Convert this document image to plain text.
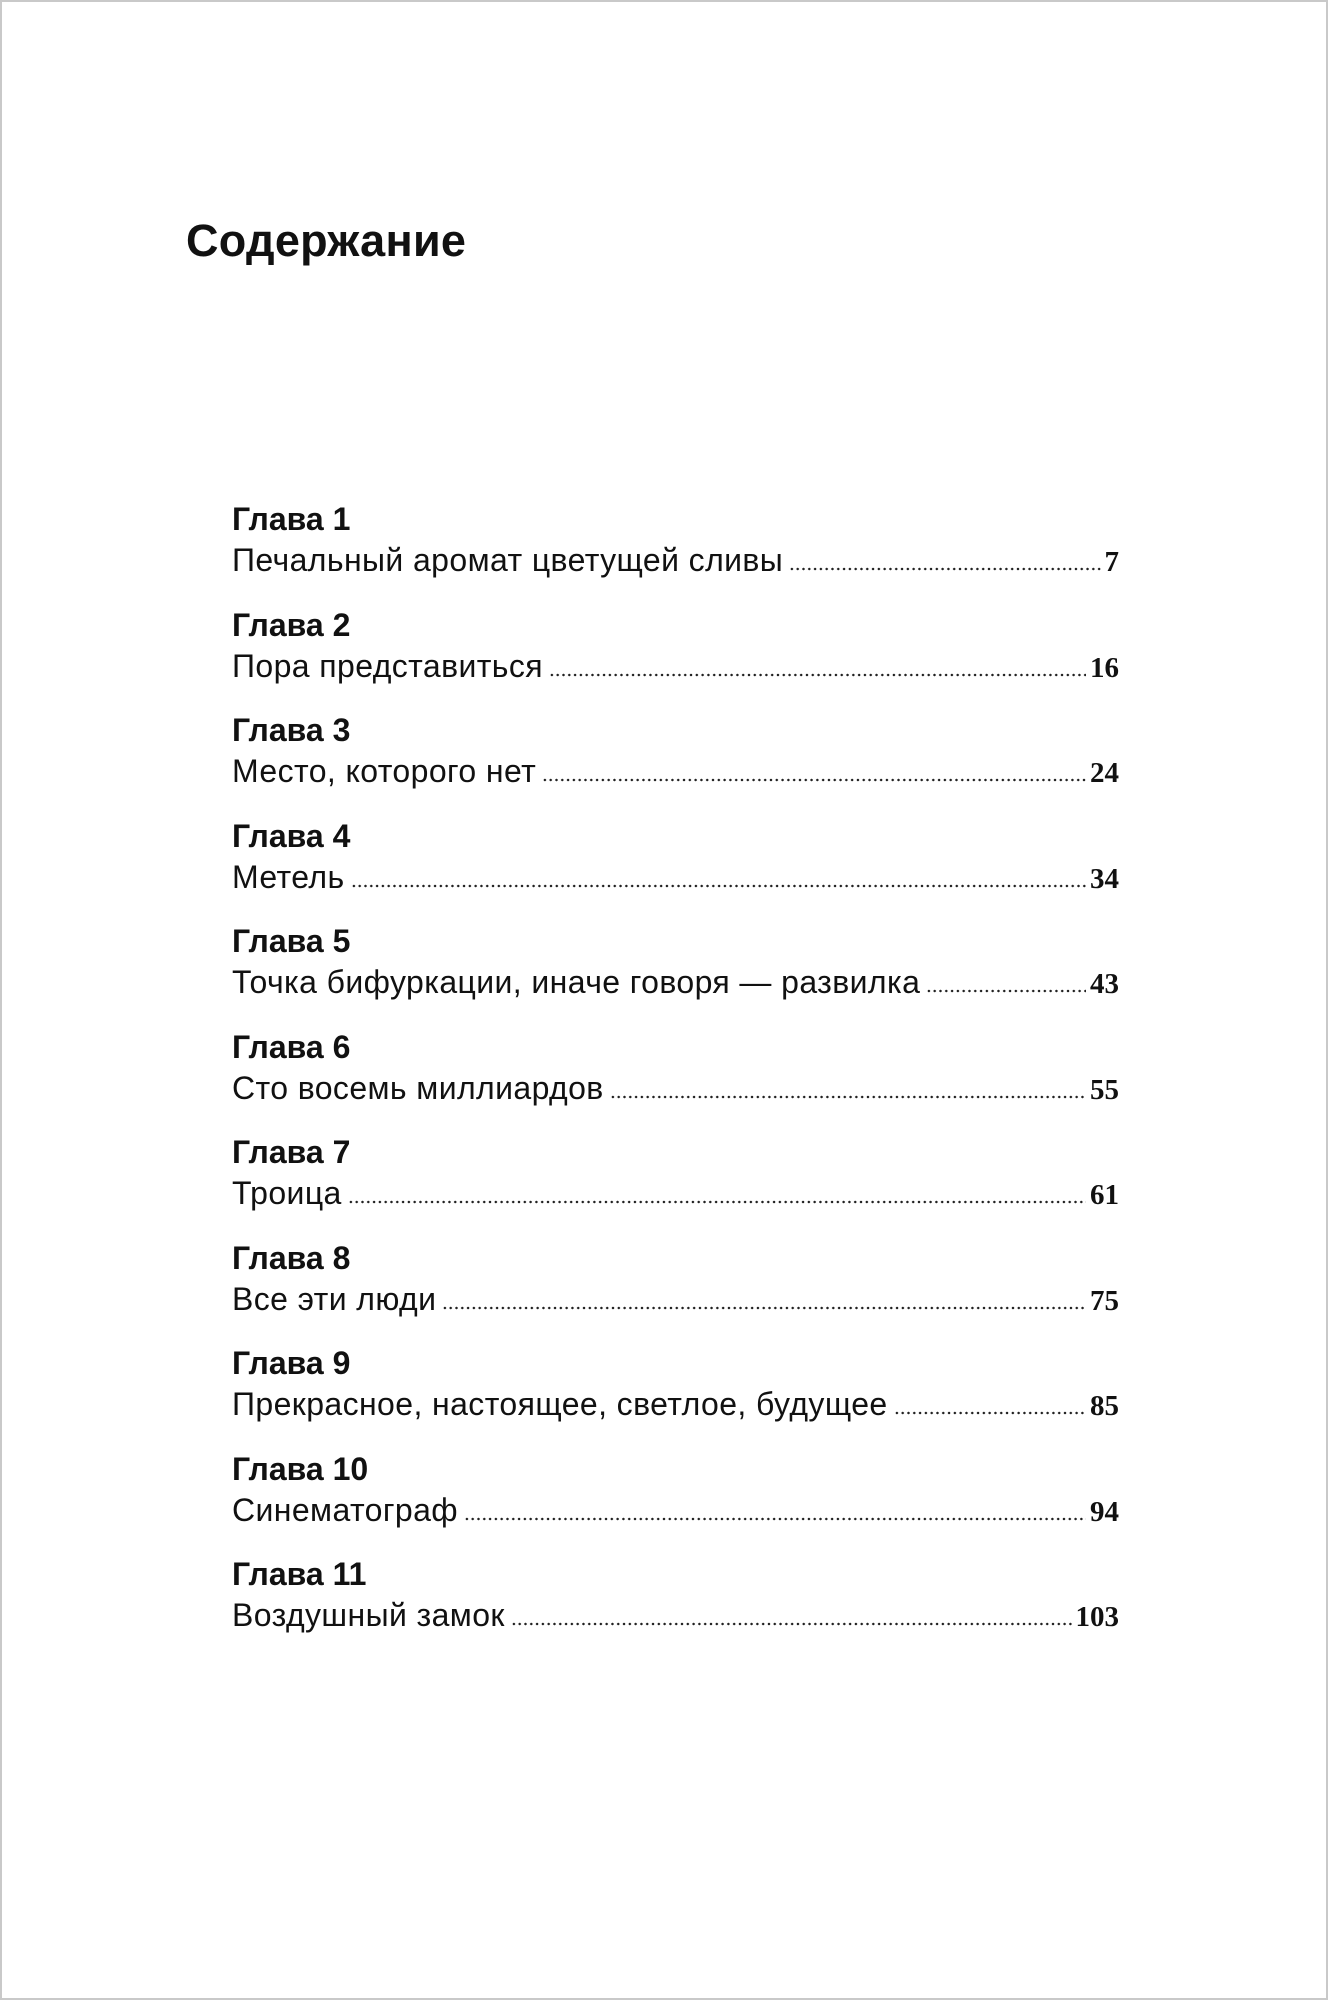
Содержание
Глава 1
Печальный аромат цветущей сливы	7
Глава 2
Пора представиться	16
Глава 3
Место, которого нет	24
Глава 4
Метель	34
Глава 5
Точка бифуркации, иначе говоря — развилка	43
Глава 6
Сто восемь миллиардов	55
Глава 7
Троица	61
Глава 8
Все эти люди	75
Глава 9
Прекрасное, настоящее, светлое, будущее	85
Глава 10
Синематограф	94
Глава 11
Воздушный замок	103
